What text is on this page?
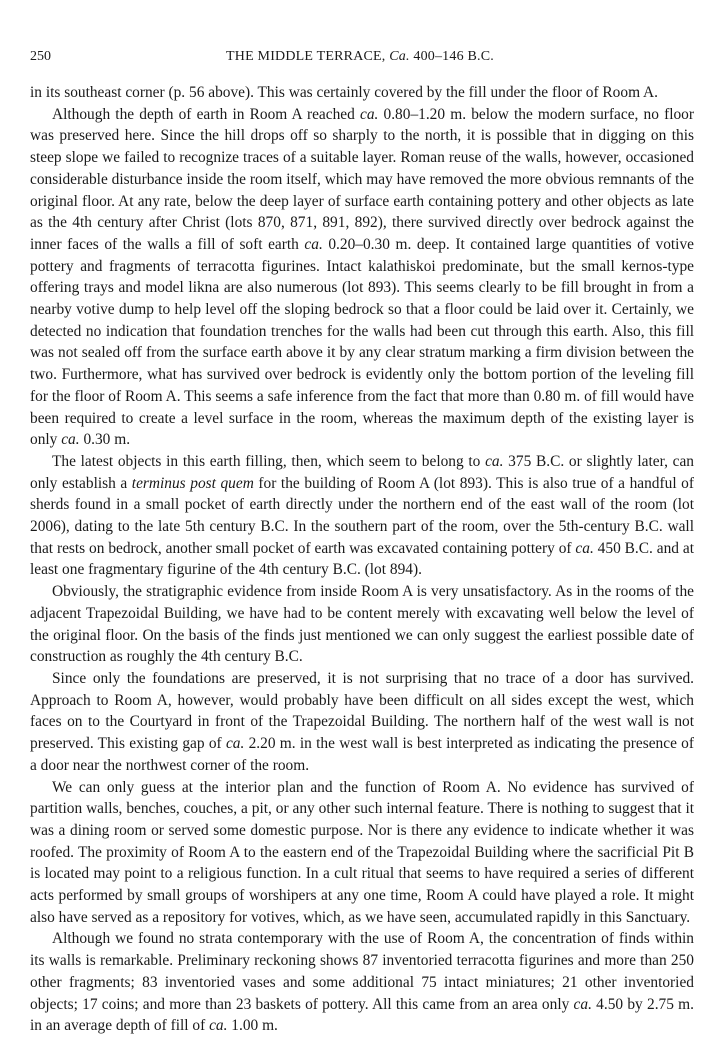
250	THE MIDDLE TERRACE, Ca. 400–146 B.C.

in its southeast corner (p. 56 above). This was certainly covered by the fill under the floor of Room A.

Although the depth of earth in Room A reached ca. 0.80–1.20 m. below the modern surface, no floor was preserved here. Since the hill drops off so sharply to the north, it is possible that in digging on this steep slope we failed to recognize traces of a suitable layer. Roman reuse of the walls, however, occasioned considerable disturbance inside the room itself, which may have removed the more obvious remnants of the original floor. At any rate, below the deep layer of surface earth containing pottery and other objects as late as the 4th century after Christ (lots 870, 871, 891, 892), there survived directly over bedrock against the inner faces of the walls a fill of soft earth ca. 0.20–0.30 m. deep. It contained large quantities of votive pottery and fragments of terracotta figurines. Intact kalathiskoi predominate, but the small kernos-type offering trays and model likna are also numerous (lot 893). This seems clearly to be fill brought in from a nearby votive dump to help level off the sloping bedrock so that a floor could be laid over it. Certainly, we detected no indication that foundation trenches for the walls had been cut through this earth. Also, this fill was not sealed off from the surface earth above it by any clear stratum marking a firm division between the two. Furthermore, what has survived over bedrock is evidently only the bottom portion of the leveling fill for the floor of Room A. This seems a safe inference from the fact that more than 0.80 m. of fill would have been required to create a level surface in the room, whereas the maximum depth of the existing layer is only ca. 0.30 m.

The latest objects in this earth filling, then, which seem to belong to ca. 375 B.C. or slightly later, can only establish a terminus post quem for the building of Room A (lot 893). This is also true of a handful of sherds found in a small pocket of earth directly under the northern end of the east wall of the room (lot 2006), dating to the late 5th century B.C. In the southern part of the room, over the 5th-century B.C. wall that rests on bedrock, another small pocket of earth was excavated containing pottery of ca. 450 B.C. and at least one fragmentary figurine of the 4th century B.C. (lot 894).

Obviously, the stratigraphic evidence from inside Room A is very unsatisfactory. As in the rooms of the adjacent Trapezoidal Building, we have had to be content merely with excavating well below the level of the original floor. On the basis of the finds just mentioned we can only suggest the earliest possible date of construction as roughly the 4th century B.C.

Since only the foundations are preserved, it is not surprising that no trace of a door has survived. Approach to Room A, however, would probably have been difficult on all sides except the west, which faces on to the Courtyard in front of the Trapezoidal Building. The northern half of the west wall is not preserved. This existing gap of ca. 2.20 m. in the west wall is best interpreted as indicating the presence of a door near the northwest corner of the room.

We can only guess at the interior plan and the function of Room A. No evidence has survived of partition walls, benches, couches, a pit, or any other such internal feature. There is nothing to suggest that it was a dining room or served some domestic purpose. Nor is there any evidence to indicate whether it was roofed. The proximity of Room A to the eastern end of the Trapezoidal Building where the sacrificial Pit B is located may point to a religious function. In a cult ritual that seems to have required a series of different acts performed by small groups of worshipers at any one time, Room A could have played a role. It might also have served as a repository for votives, which, as we have seen, accumulated rapidly in this Sanctuary.

Although we found no strata contemporary with the use of Room A, the concentration of finds within its walls is remarkable. Preliminary reckoning shows 87 inventoried terracotta figurines and more than 250 other fragments; 83 inventoried vases and some additional 75 intact miniatures; 21 other inventoried objects; 17 coins; and more than 23 baskets of pottery. All this came from an area only ca. 4.50 by 2.75 m. in an average depth of fill of ca. 1.00 m.
